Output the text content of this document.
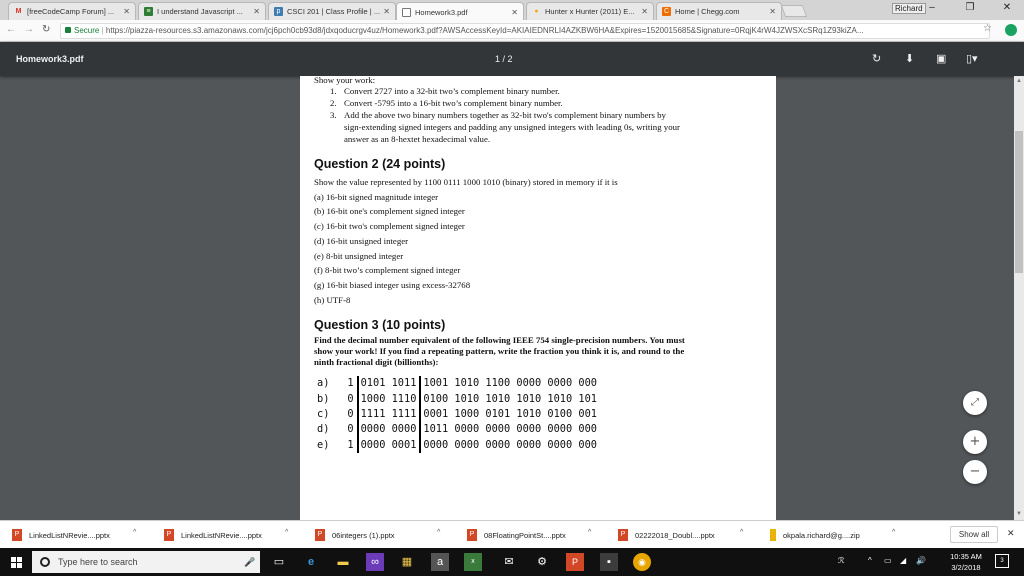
M [freeCodeCamp Forum] ...	✕	≡ I understand Javascript ...	✕	p CSCI 201 | Class Profile | ... ✕	Homework3.pdf	✕	● Hunter x Hunter (2011) E... ✕ C Home | Chegg.com	✕	Richard –	❐	✕
← → ↻	Secure | https://piazza-resources.s3.amazonaws.com/jcj6pch0cb93d8/jdxqoducrgv4uz/Homework3.pdf?AWSAccessKeyId=AKIAIEDNRLI4AZKBW6HA&Expires=1520015685&Signature=0RqjK4rW4JZWSXcSRq1Z93kiZA...	☆
Homework3.pdf	1 / 2	↻ ⬇ ▣ ▯▾
Show your work:
1. Convert 2727 into a 32-bit two’s complement binary number.
2. Convert -5795 into a 16-bit two’s complement binary number.
3. Add the above two binary numbers together as 32-bit two's complement binary numbers by sign-extending signed integers and padding any unsigned integers with leading 0s, writing your answer as an 8-hextet hexadecimal value.
Question 2 (24 points)
Show the value represented by 1100 0111 1000 1010 (binary) stored in memory if it is
(a) 16-bit signed magnitude integer
(b) 16-bit one's complement signed integer
(c) 16-bit two's complement signed integer
(d) 16-bit unsigned integer
(e) 8-bit unsigned integer
(f) 8-bit two’s complement signed integer
(g) 16-bit biased integer using excess-32768
(h) UTF-8
Question 3 (10 points)
Find the decimal number equivalent of the following IEEE 754 single-precision numbers. You must show your work! If you find a repeating pattern, write the fraction you think it is, and round to the ninth fractional digit (billionths):
a)	1	0101 1011	1001 1010 1100 0000 0000 000
b)	0	1000 1110	0100 1010 1010 1010 1010 101
c)	0	1111 1111	0001 1000 0101 1010 0100 001
d)	0	0000 0000	1011 0000 0000 0000 0000 000
e)	1	0000 0001	0000 0000 0000 0000 0000 000
▲
▼
⤢
+
−
P	LinkedListNRevie....pptx	^	P	LinkedListNRevie....pptx	^	P	06integers (1).pptx	^	P	08FloatingPointSt....pptx	^	P	02222018_Doubl....pptx	^	okpala.richard@g....zip	^	Show all	✕
Type here to search	🎤	▭	e	▬	∞	▦	a	x	✉	⚙	P	▪	◉	ℛ	^ ▭ ◢ 🔊	10:35 AM
3/2/2018
3
